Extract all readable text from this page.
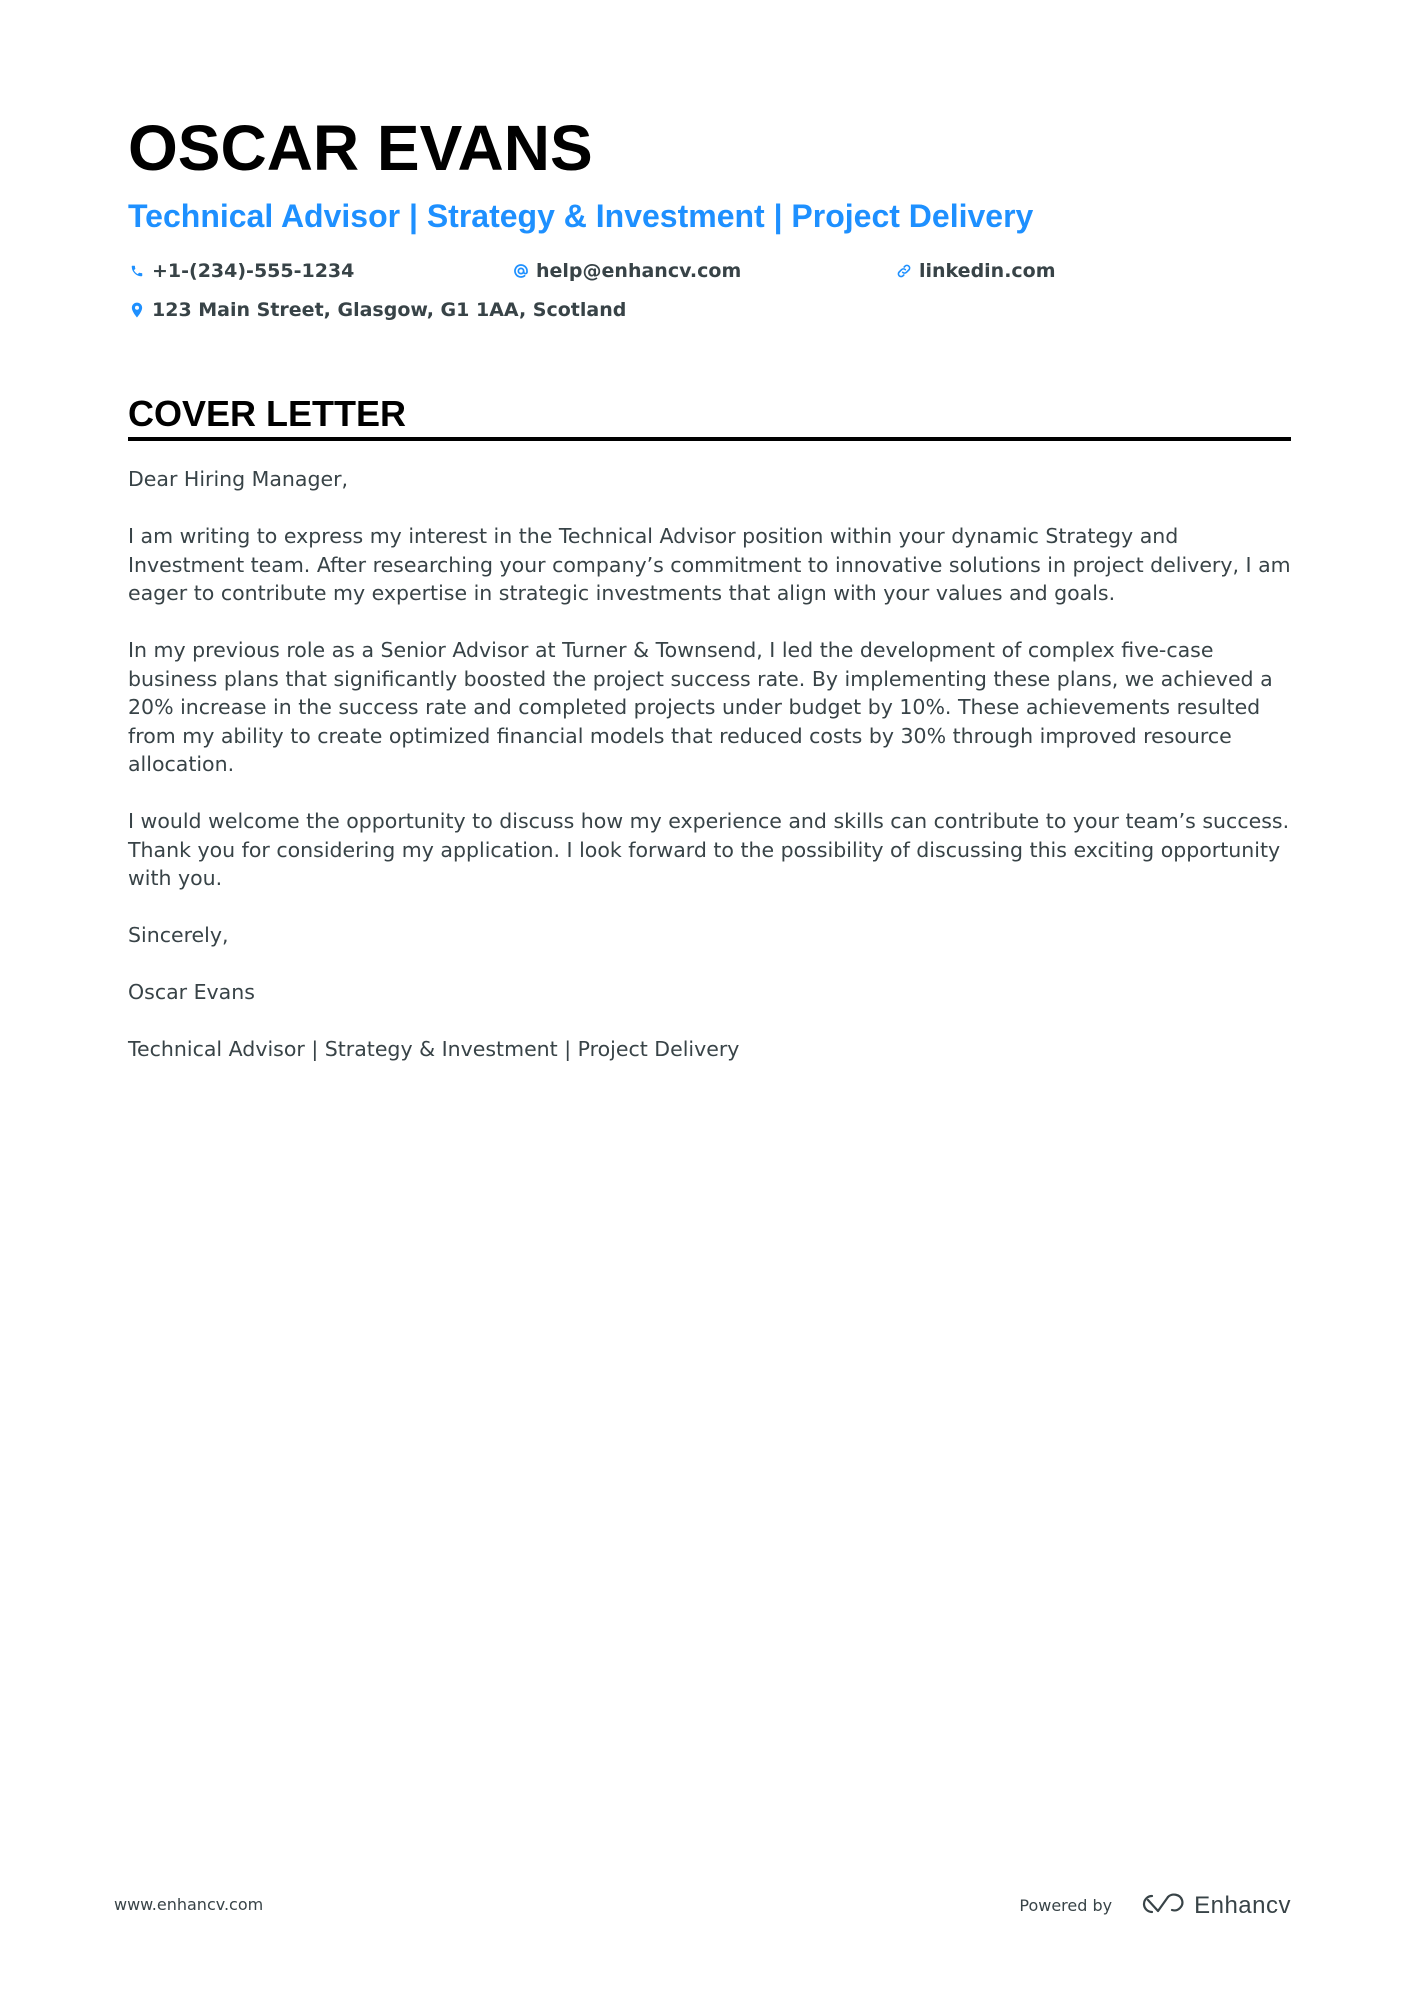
OSCAR EVANS
Technical Advisor | Strategy & Investment | Project Delivery
+1-(234)-555-1234	help@enhancv.com	linkedin.com
123 Main Street, Glasgow, G1 1AA, Scotland
COVER LETTER

Dear Hiring Manager,

I am writing to express my interest in the Technical Advisor position within your dynamic Strategy and Investment team. After researching your company’s commitment to innovative solutions in project delivery, I am eager to contribute my expertise in strategic investments that align with your values and goals.

In my previous role as a Senior Advisor at Turner & Townsend, I led the development of complex five-case business plans that significantly boosted the project success rate. By implementing these plans, we achieved a 20% increase in the success rate and completed projects under budget by 10%. These achievements resulted from my ability to create optimized financial models that reduced costs by 30% through improved resource allocation.

I would welcome the opportunity to discuss how my experience and skills can contribute to your team’s success. Thank you for considering my application. I look forward to the possibility of discussing this exciting opportunity with you.

Sincerely,

Oscar Evans

Technical Advisor | Strategy & Investment | Project Delivery

www.enhancv.com	Powered by	Enhancv
